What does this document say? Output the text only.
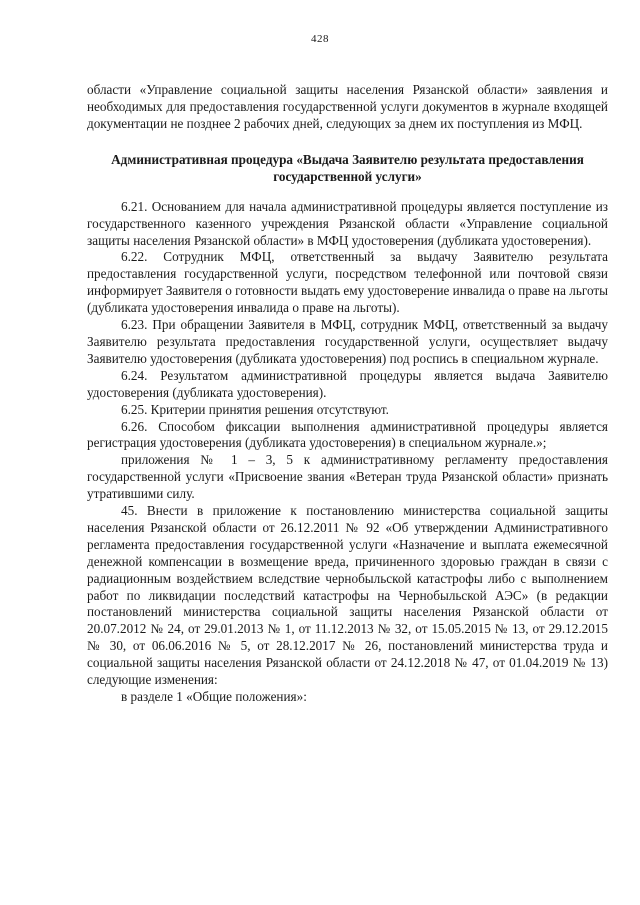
428

области «Управление социальной защиты населения Рязанской области» заявления и необходимых для предоставления государственной услуги документов в журнале входящей документации не позднее 2 рабочих дней, следующих за днем их поступления из МФЦ.

Административная процедура «Выдача Заявителю результата предоставления государственной услуги»

6.21. Основанием для начала административной процедуры является поступление из государственного казенного учреждения Рязанской области «Управление социальной защиты населения Рязанской области» в МФЦ удостоверения (дубликата удостоверения).

6.22. Сотрудник МФЦ, ответственный за выдачу Заявителю результата предоставления государственной услуги, посредством телефонной или почтовой связи информирует Заявителя о готовности выдать ему удостоверение инвалида о праве на льготы (дубликата удостоверения инвалида о праве на льготы).

6.23. При обращении Заявителя в МФЦ, сотрудник МФЦ, ответственный за выдачу Заявителю результата предоставления государственной услуги, осуществляет выдачу Заявителю удостоверения (дубликата удостоверения) под роспись в специальном журнале.

6.24. Результатом административной процедуры является выдача Заявителю удостоверения (дубликата удостоверения).

6.25. Критерии принятия решения отсутствуют.

6.26. Способом фиксации выполнения административной процедуры является регистрация удостоверения (дубликата удостоверения) в специальном журнале.»;

приложения № 1 – 3, 5 к административному регламенту предоставления государственной услуги «Присвоение звания «Ветеран труда Рязанской области» признать утратившими силу.

45. Внести в приложение к постановлению министерства социальной защиты населения Рязанской области от 26.12.2011 № 92 «Об утверждении Административного регламента предоставления государственной услуги «Назначение и выплата ежемесячной денежной компенсации в возмещение вреда, причиненного здоровью граждан в связи с радиационным воздействием вследствие чернобыльской катастрофы либо с выполнением работ по ликвидации последствий катастрофы на Чернобыльской АЭС» (в редакции постановлений министерства социальной защиты населения Рязанской области от 20.07.2012 № 24, от 29.01.2013 № 1, от 11.12.2013 № 32, от 15.05.2015 № 13, от 29.12.2015 № 30, от 06.06.2016 № 5, от 28.12.2017 № 26, постановлений министерства труда и социальной защиты населения Рязанской области от 24.12.2018 № 47, от 01.04.2019 № 13) следующие изменения:

в разделе 1 «Общие положения»:
